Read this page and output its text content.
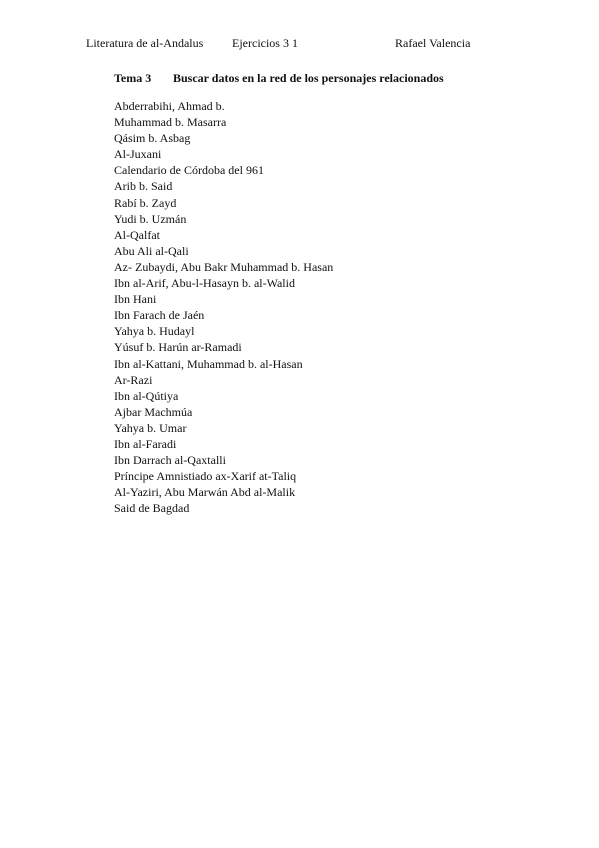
Literatura de al-Andalus Ejercicios 3 1	Rafael Valencia
Tema 3 Buscar datos en la red de los personajes relacionados
Abderrabihi, Ahmad b.
Muhammad b. Masarra
Qásim b. Asbag
Al-Juxani
Calendario de Córdoba del 961
Arib b. Said
Rabí b. Zayd
Yudi b. Uzmán
Al-Qalfat
Abu Ali al-Qali
Az- Zubaydi, Abu Bakr Muhammad b. Hasan
Ibn al-Arif, Abu-l-Hasayn b. al-Walid
Ibn Hani
Ibn Farach de Jaén
Yahya b. Hudayl
Yúsuf b. Harún ar-Ramadi
Ibn al-Kattani, Muhammad b. al-Hasan
Ar-Razi
Ibn al-Qútiya
Ajbar Machmúa
Yahya b. Umar
Ibn al-Faradi
Ibn Darrach al-Qaxtalli
Príncipe Amnistiado ax-Xarif at-Taliq
Al-Yaziri, Abu Marwán Abd al-Malik
Said de Bagdad
